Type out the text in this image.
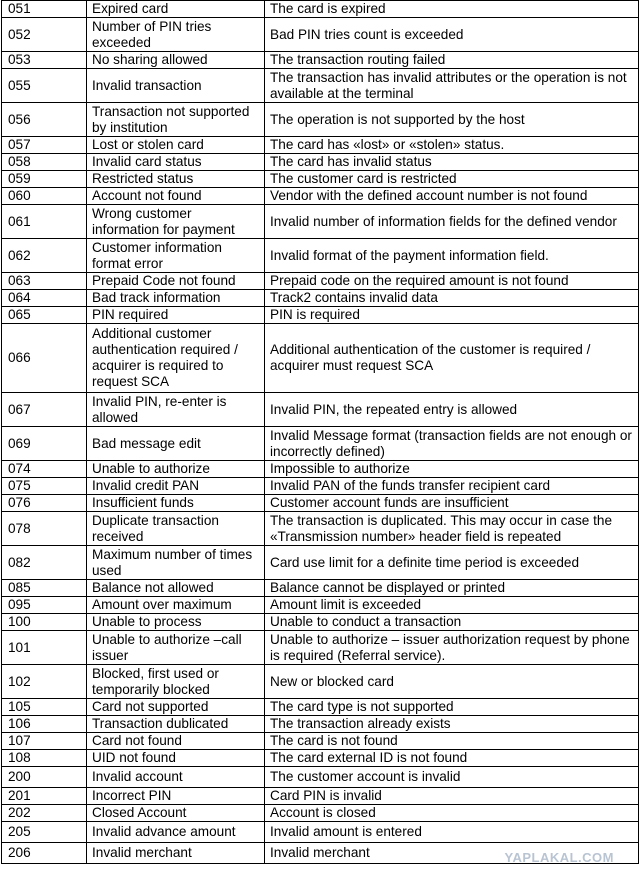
051	Expired card	The card is expired
052	Number of PIN tries exceeded	Bad PIN tries count is exceeded
053	No sharing allowed	The transaction routing failed
055	Invalid transaction	The transaction has invalid attributes or the operation is not available at the terminal
056	Transaction not supported by institution	The operation is not supported by the host
057	Lost or stolen card	The card has «lost» or «stolen» status.
058	Invalid card status	The card has invalid status
059	Restricted status	The customer card is restricted
060	Account not found	Vendor with the defined account number is not found
061	Wrong customer information for payment	Invalid number of information fields for the defined vendor
062	Customer information format error	Invalid format of the payment information field.
063	Prepaid Code not found	Prepaid code on the required amount is not found
064	Bad track information	Track2 contains invalid data
065	PIN required	PIN is required
066	Additional customer authentication required / acquirer is required to request SCA	Additional authentication of the customer is required / acquirer must request SCA
067	Invalid PIN, re-enter is allowed	Invalid PIN, the repeated entry is allowed
069	Bad message edit	Invalid Message format (transaction fields are not enough or incorrectly defined)
074	Unable to authorize	Impossible to authorize
075	Invalid credit PAN	Invalid PAN of the funds transfer recipient card
076	Insufficient funds	Customer account funds are insufficient
078	Duplicate transaction received	The transaction is duplicated. This may occur in case the «Transmission number» header field is repeated
082	Maximum number of times used	Card use limit for a definite time period is exceeded
085	Balance not allowed	Balance cannot be displayed or printed
095	Amount over maximum	Amount limit is exceeded
100	Unable to process	Unable to conduct a transaction
101	Unable to authorize –call issuer	Unable to authorize – issuer authorization request by phone is required (Referral service).
102	Blocked, first used or temporarily blocked	New or blocked card
105	Card not supported	The card type is not supported
106	Transaction dublicated	The transaction already exists
107	Card not found	The card is not found
108	UID not found	The card external ID is not found
200	Invalid account	The customer account is invalid
201	Incorrect PIN	Card PIN is invalid
202	Closed Account	Account is closed
205	Invalid advance amount	Invalid amount is entered
206	Invalid merchant	Invalid merchant	YAPLAKAL.COM
